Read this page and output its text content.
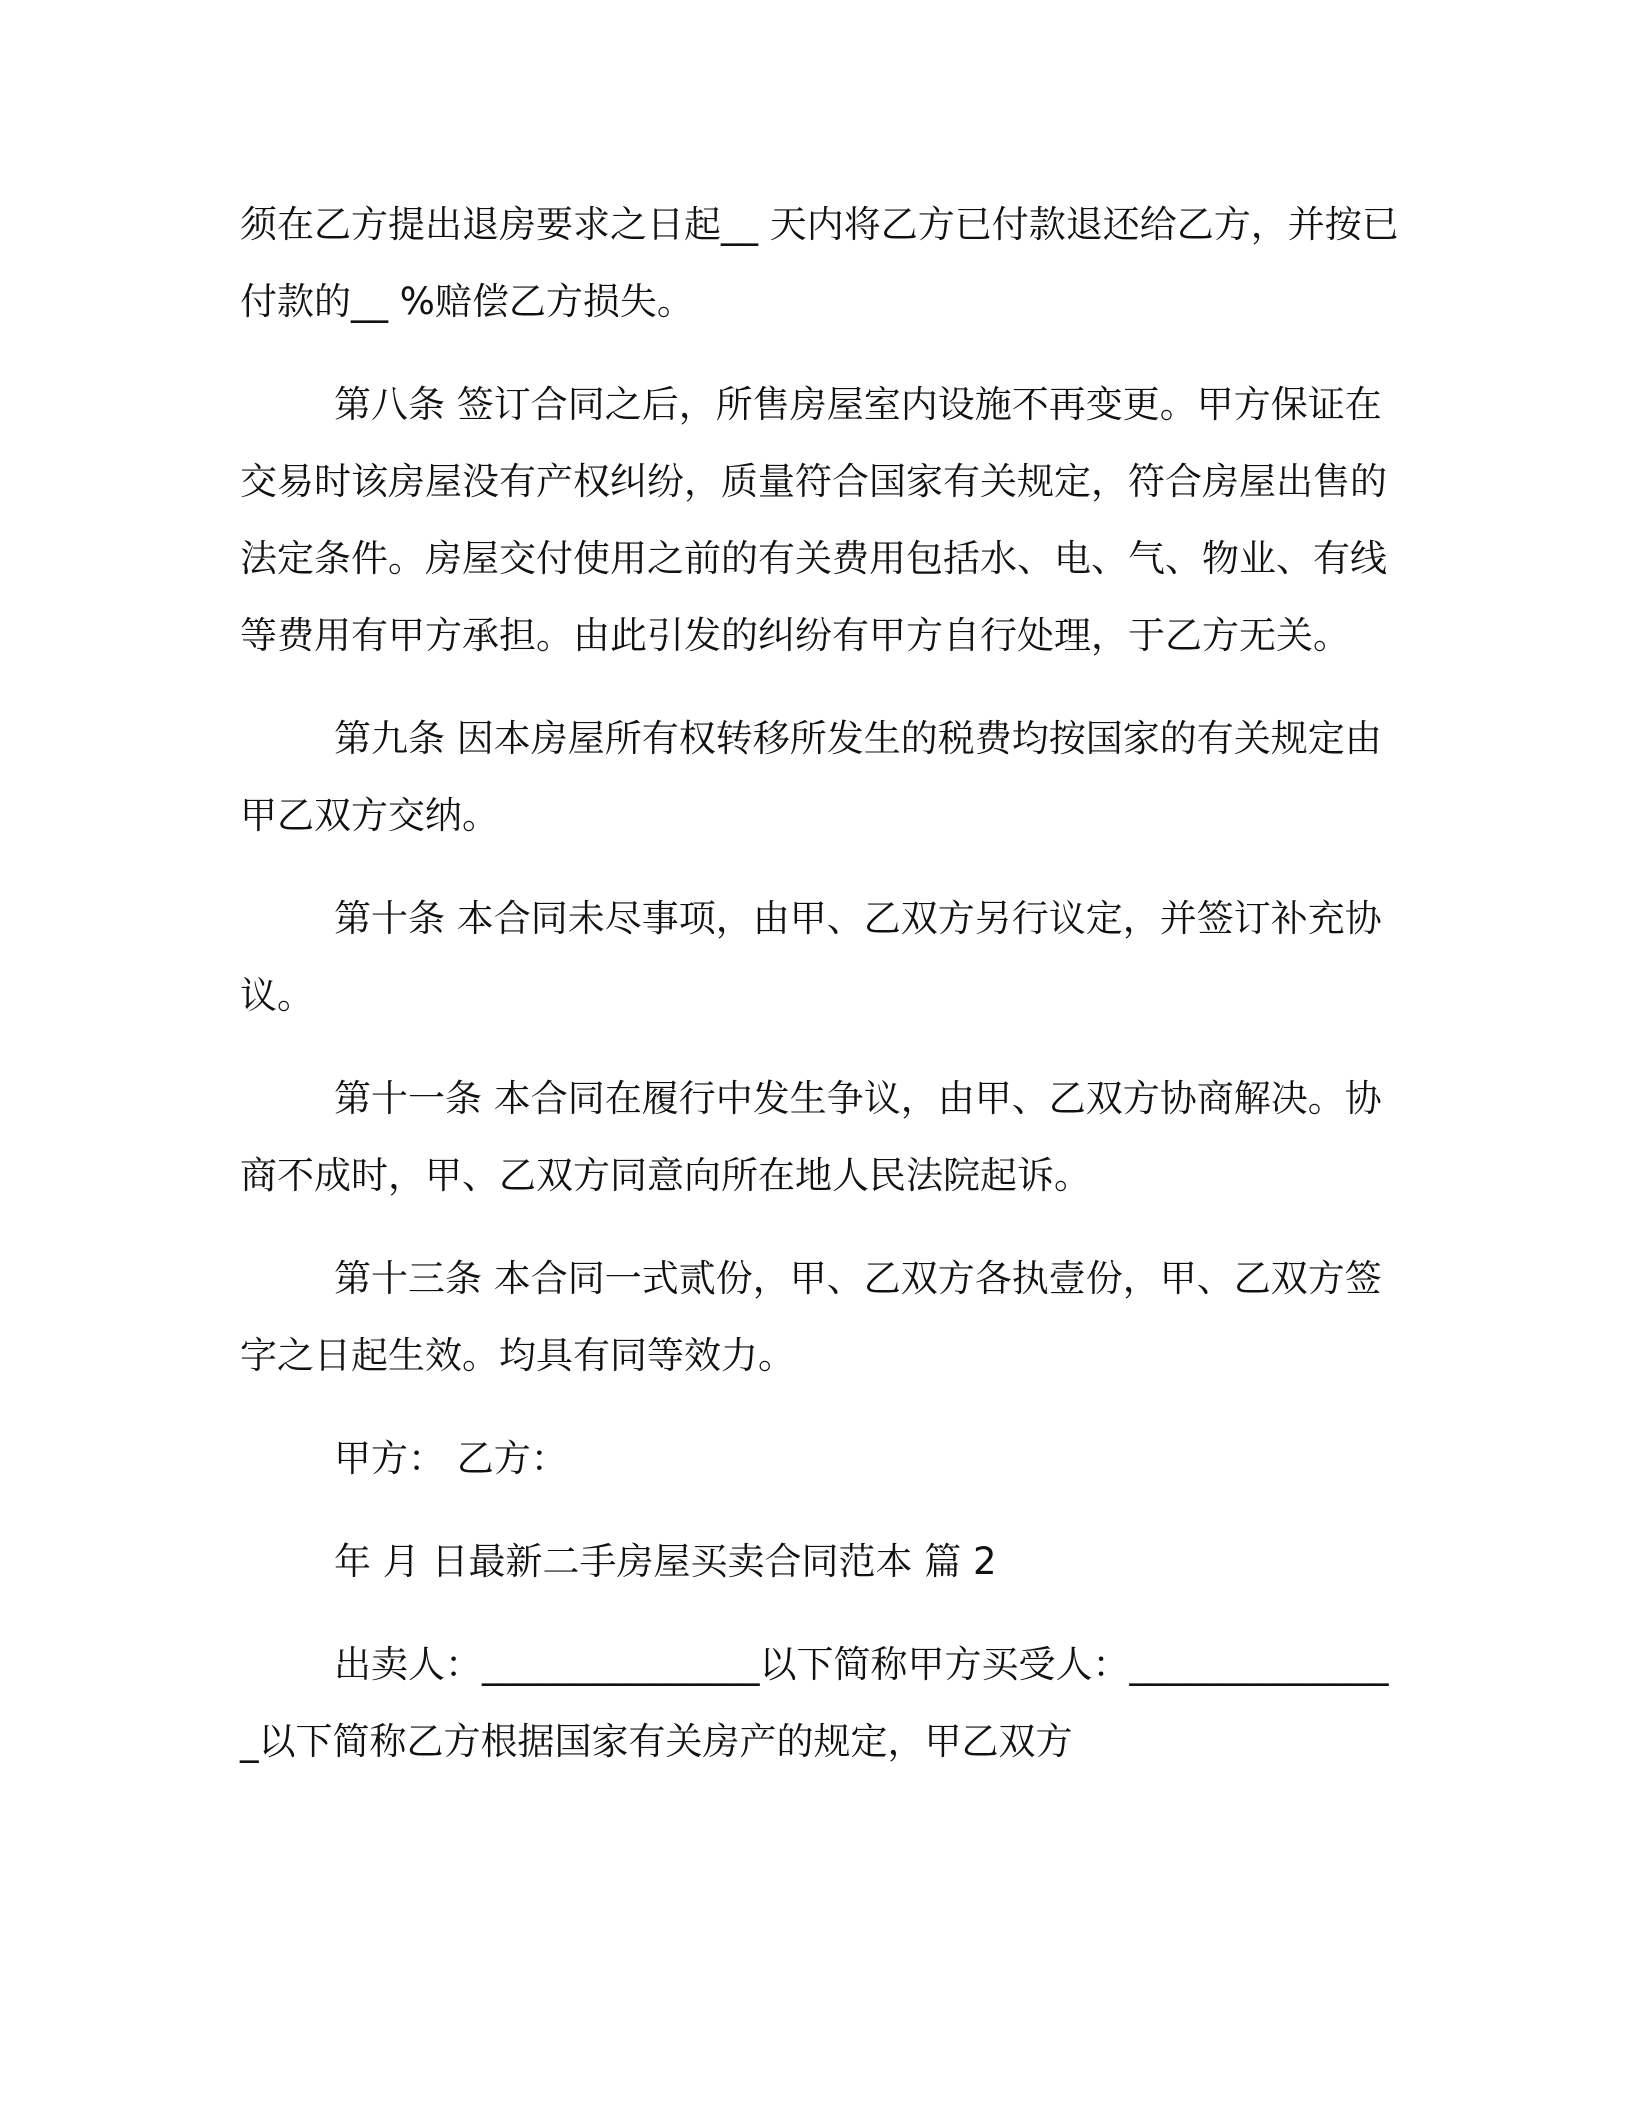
须在乙方提出退房要求之日起__ 天内将乙方已付款退还给乙方，并按已付款的__ %赔偿乙方损失。

第八条 签订合同之后，所售房屋室内设施不再变更。甲方保证在交易时该房屋没有产权纠纷，质量符合国家有关规定，符合房屋出售的法定条件。房屋交付使用之前的有关费用包括水、电、气、物业、有线等费用有甲方承担。由此引发的纠纷有甲方自行处理，于乙方无关。

第九条 因本房屋所有权转移所发生的税费均按国家的有关规定由甲乙双方交纳。

第十条 本合同未尽事项，由甲、乙双方另行议定，并签订补充协议。

第十一条 本合同在履行中发生争议，由甲、乙双方协商解决。协商不成时，甲、乙双方同意向所在地人民法院起诉。

第十三条 本合同一式贰份，甲、乙双方各执壹份，甲、乙双方签字之日起生效。均具有同等效力。

甲方： 乙方：

年 月 日最新二手房屋买卖合同范本 篇 2

出卖人：_______________以下简称甲方买受人：_______________以下简称乙方根据国家有关房产的规定，甲乙双方
